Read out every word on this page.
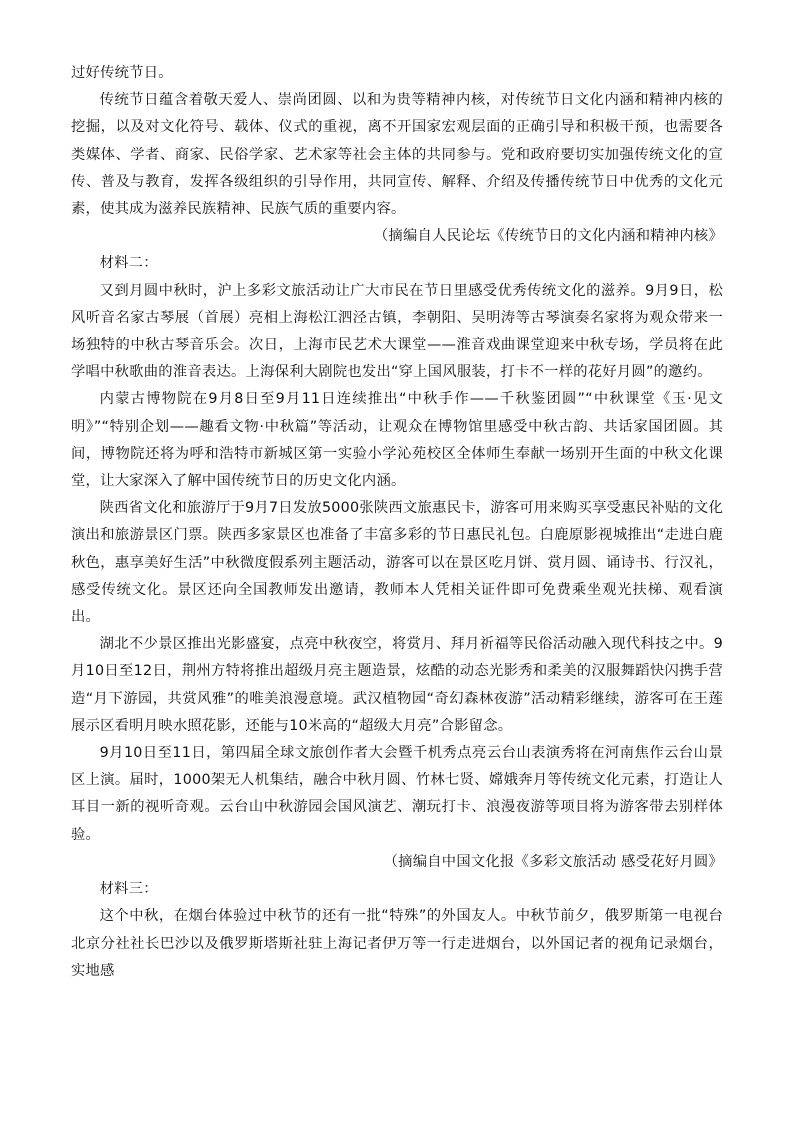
过好传统节日。

传统节日蕴含着敬天爱人、崇尚团圆、以和为贵等精神内核，对传统节日文化内涵和精神内核的挖掘，以及对文化符号、载体、仪式的重视，离不开国家宏观层面的正确引导和积极干预，也需要各类媒体、学者、商家、民俗学家、艺术家等社会主体的共同参与。党和政府要切实加强传统文化的宣传、普及与教育，发挥各级组织的引导作用，共同宣传、解释、介绍及传播传统节日中优秀的文化元素，使其成为滋养民族精神、民族气质的重要内容。

（摘编自人民论坛《传统节日的文化内涵和精神内核》

材料二：

又到月圆中秋时，沪上多彩文旅活动让广大市民在节日里感受优秀传统文化的滋养。9月9日，松风听音名家古琴展（首展）亮相上海松江泗泾古镇，李朝阳、吴明涛等古琴演奏名家将为观众带来一场独特的中秋古琴音乐会。次日，上海市民艺术大课堂——淮音戏曲课堂迎来中秋专场，学员将在此学唱中秋歌曲的淮音表达。上海保利大剧院也发出“穿上国风服装，打卡不一样的花好月圆”的邀约。

内蒙古博物院在9月8日至9月11日连续推出“中秋手作——千秋鉴团圆”“中秋课堂《玉·见文明》”“特别企划——趣看文物·中秋篇”等活动，让观众在博物馆里感受中秋古韵、共话家国团圆。其间，博物院还将为呼和浩特市新城区第一实验小学沁苑校区全体师生奉献一场别开生面的中秋文化课堂，让大家深入了解中国传统节日的历史文化内涵。

陕西省文化和旅游厅于9月7日发放5000张陕西文旅惠民卡，游客可用来购买享受惠民补贴的文化演出和旅游景区门票。陕西多家景区也准备了丰富多彩的节日惠民礼包。白鹿原影视城推出“走进白鹿秋色，惠享美好生活”中秋微度假系列主题活动，游客可以在景区吃月饼、赏月圆、诵诗书、行汉礼，感受传统文化。景区还向全国教师发出邀请，教师本人凭相关证件即可免费乘坐观光扶梯、观看演出。

湖北不少景区推出光影盛宴，点亮中秋夜空，将赏月、拜月祈福等民俗活动融入现代科技之中。9月10日至12日，荆州方特将推出超级月亮主题造景，炫酷的动态光影秀和柔美的汉服舞蹈快闪携手营造“月下游园，共赏风雅”的唯美浪漫意境。武汉植物园“奇幻森林夜游”活动精彩继续，游客可在王莲展示区看明月映水照花影，还能与10米高的“超级大月亮”合影留念。

9月10日至11日，第四届全球文旅创作者大会暨千机秀点亮云台山表演秀将在河南焦作云台山景区上演。届时，1000架无人机集结，融合中秋月圆、竹林七贤、嫦娥奔月等传统文化元素，打造让人耳目一新的视听奇观。云台山中秋游园会国风演艺、潮玩打卡、浪漫夜游等项目将为游客带去别样体验。

（摘编自中国文化报《多彩文旅活动 感受花好月圆》

材料三：

这个中秋，在烟台体验过中秋节的还有一批“特殊”的外国友人。中秋节前夕，俄罗斯第一电视台北京分社社长巴沙以及俄罗斯塔斯社驻上海记者伊万等一行走进烟台，以外国记者的视角记录烟台，实地感
